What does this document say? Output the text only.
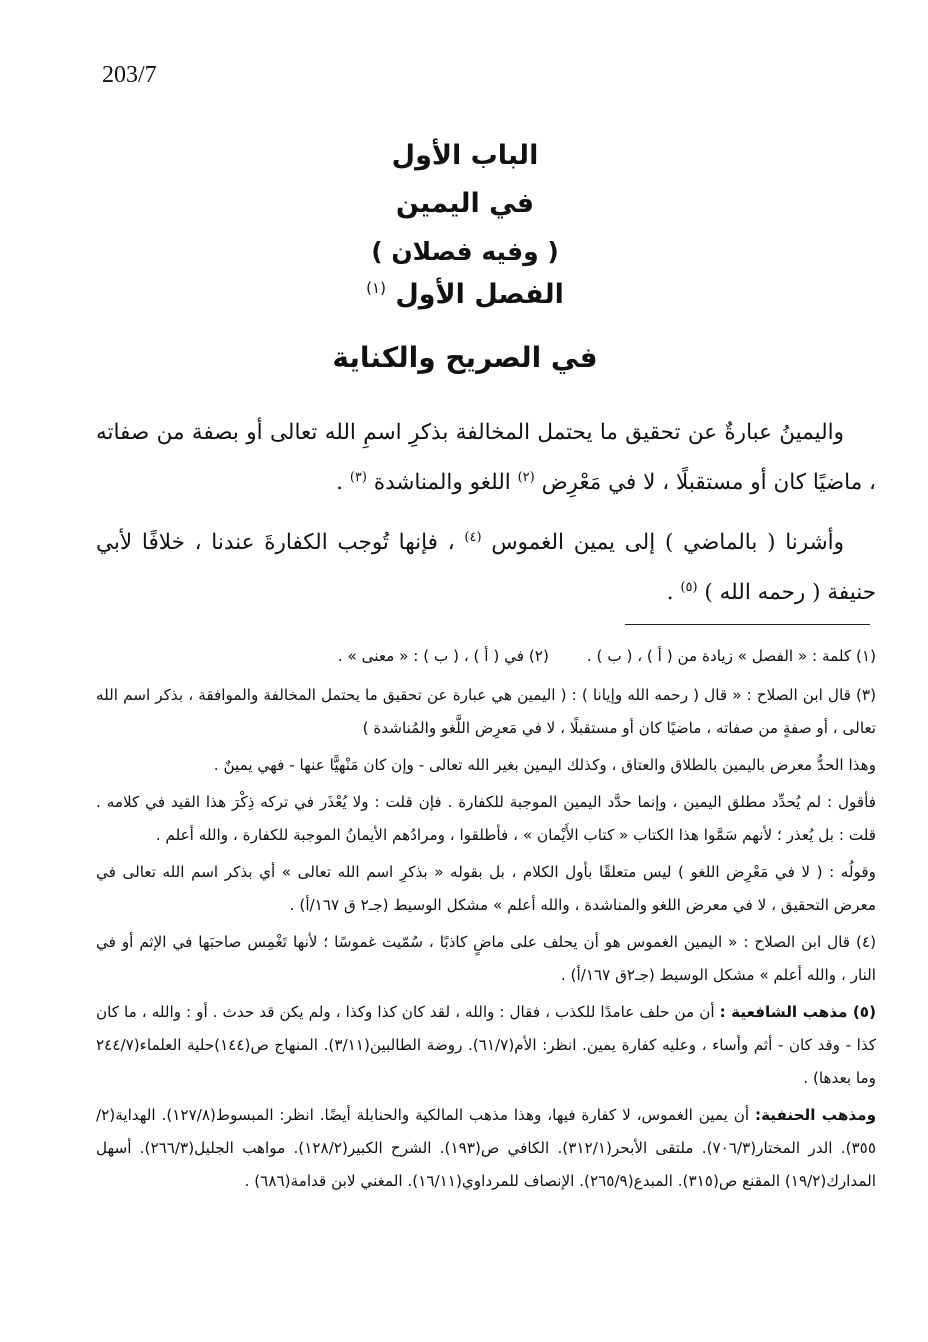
203/7
الباب الأول
في اليمين
( وفيه فصلان )
الفصل الأول $^{(١)}$
في الصريح والكناية

واليمينُ عبارةٌ عن تحقيق ما يحتمل المخالفة بذكرِ اسمِ الله تعالى أو بصفة من صفاته ، ماضيًا كان أو مستقبلًا ، لا في مَعْرِض $^{(٢)}$ اللغو والمناشدة $^{(٣)}$ .

وأشرنا ( بالماضي ) إلى يمين الغموس $^{(٤)}$ ، فإنها تُوجب الكفارةَ عندنا ، خلافًا لأبي حنيفة ( رحمه الله ) $^{(٥)}$ .

(١) كلمة : « الفصل » زيادة من ( أ ) ، ( ب ) .
(٢) في ( أ ) ، ( ب ) : « معنى » .

(٣) قال ابن الصلاح : « قال ( رحمه الله وإيانا ) : ( اليمين هي عبارة عن تحقيق ما يحتمل المخالفة والموافقة ، بذكر اسم الله تعالى ، أو صفةٍ من صفاته ، ماضيًا كان أو مستقبلًا ، لا في مَعرِض اللَّغو والمُناشدة )

وهذا الحدُّ معرض باليمين بالطلاق والعتاق ، وكذلك اليمين بغير الله تعالى - وإن كان مَنْهيًّا عنها - فهي يمينٌ .

فأقول : لم يُحدِّد مطلق اليمين ، وإنما حدَّد اليمين الموجبة للكفارة . فإن قلت : ولا يُعْذَر في تركه ذِكْرَ هذا القيد في كلامه . قلت : بل يُعذر ؛ لأنهم سَمَّوا هذا الكتاب « كتاب الأَيْمان » ، فأطلقوا ، ومرادُهم الأيمانُ الموجبة للكفارة ، والله أعلم .

وقولُه : ( لا في مَعْرِض اللغو ) ليس متعلقًا بأول الكلام ، بل بقوله « بذكرِ اسم الله تعالى » أي بذكر اسم الله تعالى في معرض التحقيق ، لا في معرض اللغو والمناشدة ، والله أعلم » مشكل الوسيط (جـ٢ ق ١٦٧/أ) .

(٤) قال ابن الصلاح : « اليمين الغموس هو أن يحلف على ماضٍ كاذبًا ، سُمّيت غموسًا ؛ لأنها تَغْمِس صاحبَها في الإثم أو في النار ، والله أعلم » مشكل الوسيط (جـ٢ق ١٦٧/أ) .

(٥) مذهب الشافعية : أن من حلف عامدًا للكذب ، فقال : والله ، لقد كان كذا وكذا ، ولم يكن قد حدث . أو : والله ، ما كان كذا - وقد كان - أثم وأساء ، وعليه كفارة يمين. انظر: الأم(٦١/٧). روضة الطالبين(٣/١١). المنهاج ص(١٤٤)حلية العلماء(٢٤٤/٧ وما بعدها) .

ومذهب الحنفية: أن يمين الغموس، لا كفارة فيها، وهذا مذهب المالكية والحنابلة أيضًا. انظر: المبسوط(١٢٧/٨). الهداية(٢/ ٣٥٥). الدر المختار(٧٠٦/٣). ملتقى الأبحر(٣١٢/١). الكافي ص(١٩٣). الشرح الكبير(١٢٨/٢). مواهب الجليل(٢٦٦/٣). أسهل المدارك(١٩/٢) المقنع ص(٣١٥). المبدع(٢٦٥/٩). الإنصاف للمرداوي(١٦/١١). المغني لابن قدامة(٦٨٦) .
